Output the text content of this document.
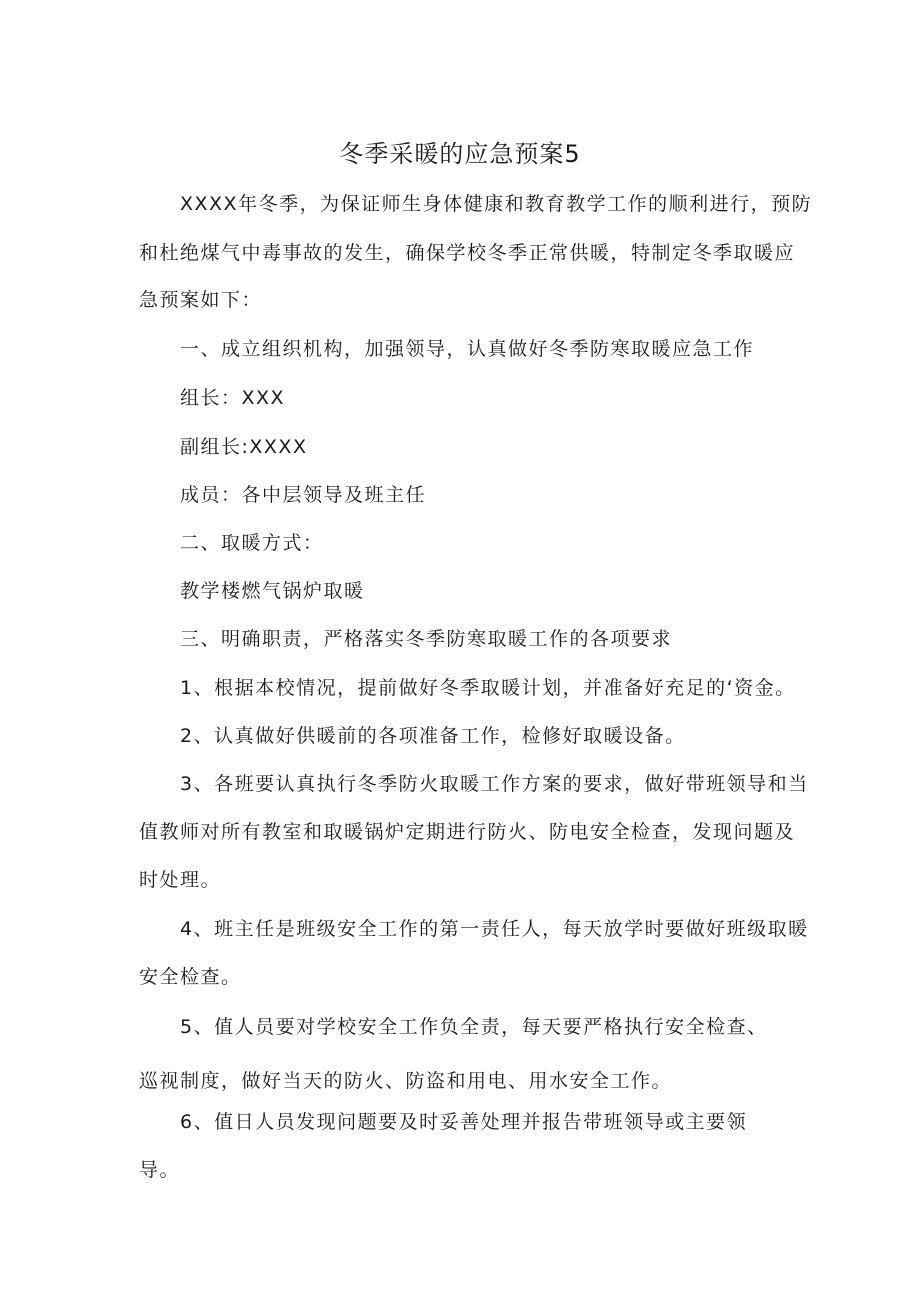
冬季采暖的应急预案5
XXXX年冬季，为保证师生身体健康和教育教学工作的顺利进行，预防
和杜绝煤气中毒事故的发生，确保学校冬季正常供暖，特制定冬季取暖应
急预案如下：
一、成立组织机构，加强领导，认真做好冬季防寒取暖应急工作
组长：XXX
副组长:XXXX
成员：各中层领导及班主任
二、取暖方式：
教学楼燃气锅炉取暖
三、明确职责，严格落实冬季防寒取暖工作的各项要求
1、根据本校情况，提前做好冬季取暖计划，并准备好充足的‘资金。
2、认真做好供暖前的各项准备工作，检修好取暖设备。
3、各班要认真执行冬季防火取暖工作方案的要求，做好带班领导和当
值教师对所有教室和取暖锅炉定期进行防火、防电安全检查，发现问题及
时处理。
4、班主任是班级安全工作的第一责任人，每天放学时要做好班级取暖
安全检查。
5、值人员要对学校安全工作负全责，每天要严格执行安全检查、
巡视制度，做好当天的防火、防盗和用电、用水安全工作。
6、值日人员发现问题要及时妥善处理并报告带班领导或主要领
导。
